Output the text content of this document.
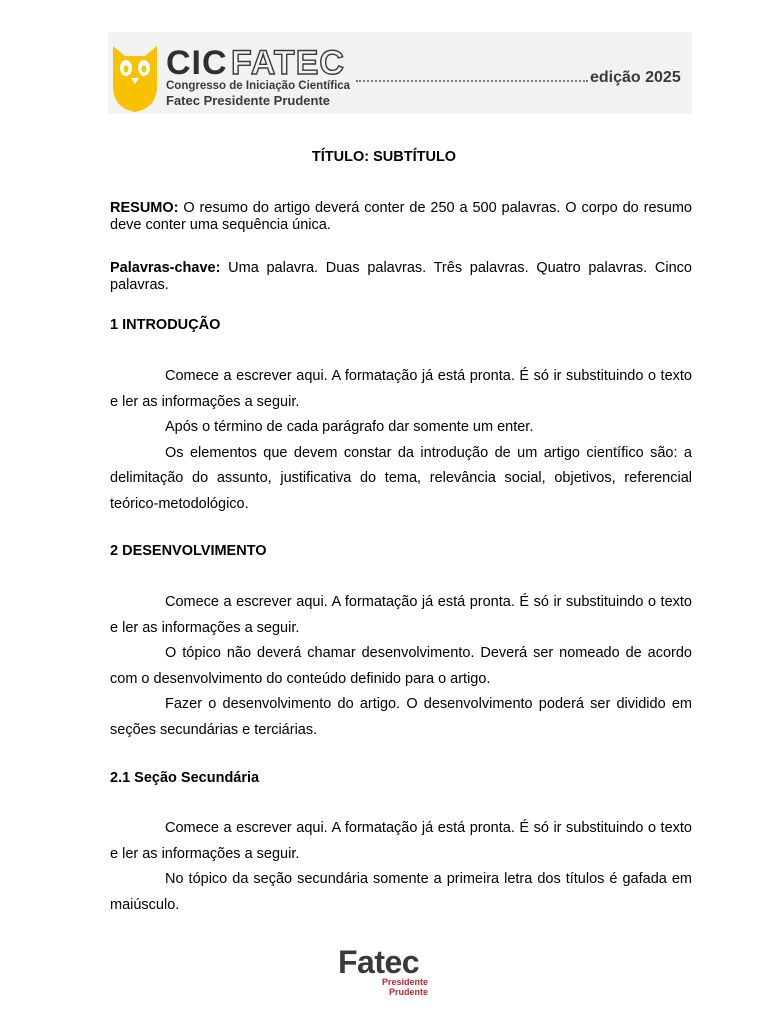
CIC FATEC
Congresso de Iniciação Científica
Fatec Presidente Prudente
edição 2025
TÍTULO: SUBTÍTULO
RESUMO: O resumo do artigo deverá conter de 250 a 500 palavras. O corpo do resumo deve conter uma sequência única.
Palavras-chave: Uma palavra. Duas palavras. Três palavras. Quatro palavras. Cinco palavras.
1 INTRODUÇÃO

Comece a escrever aqui. A formatação já está pronta. É só ir substituindo o texto e ler as informações a seguir.

Após o término de cada parágrafo dar somente um enter.

Os elementos que devem constar da introdução de um artigo científico são: a delimitação do assunto, justificativa do tema, relevância social, objetivos, referencial teórico-metodológico.

2 DESENVOLVIMENTO

Comece a escrever aqui. A formatação já está pronta. É só ir substituindo o texto e ler as informações a seguir.

O tópico não deverá chamar desenvolvimento. Deverá ser nomeado de acordo com o desenvolvimento do conteúdo definido para o artigo.

Fazer o desenvolvimento do artigo. O desenvolvimento poderá ser dividido em seções secundárias e terciárias.

2.1 Seção Secundária

Comece a escrever aqui. A formatação já está pronta. É só ir substituindo o texto e ler as informações a seguir.

No tópico da seção secundária somente a primeira letra dos títulos é gafada em maiúsculo.

Fatec
Presidente
Prudente
